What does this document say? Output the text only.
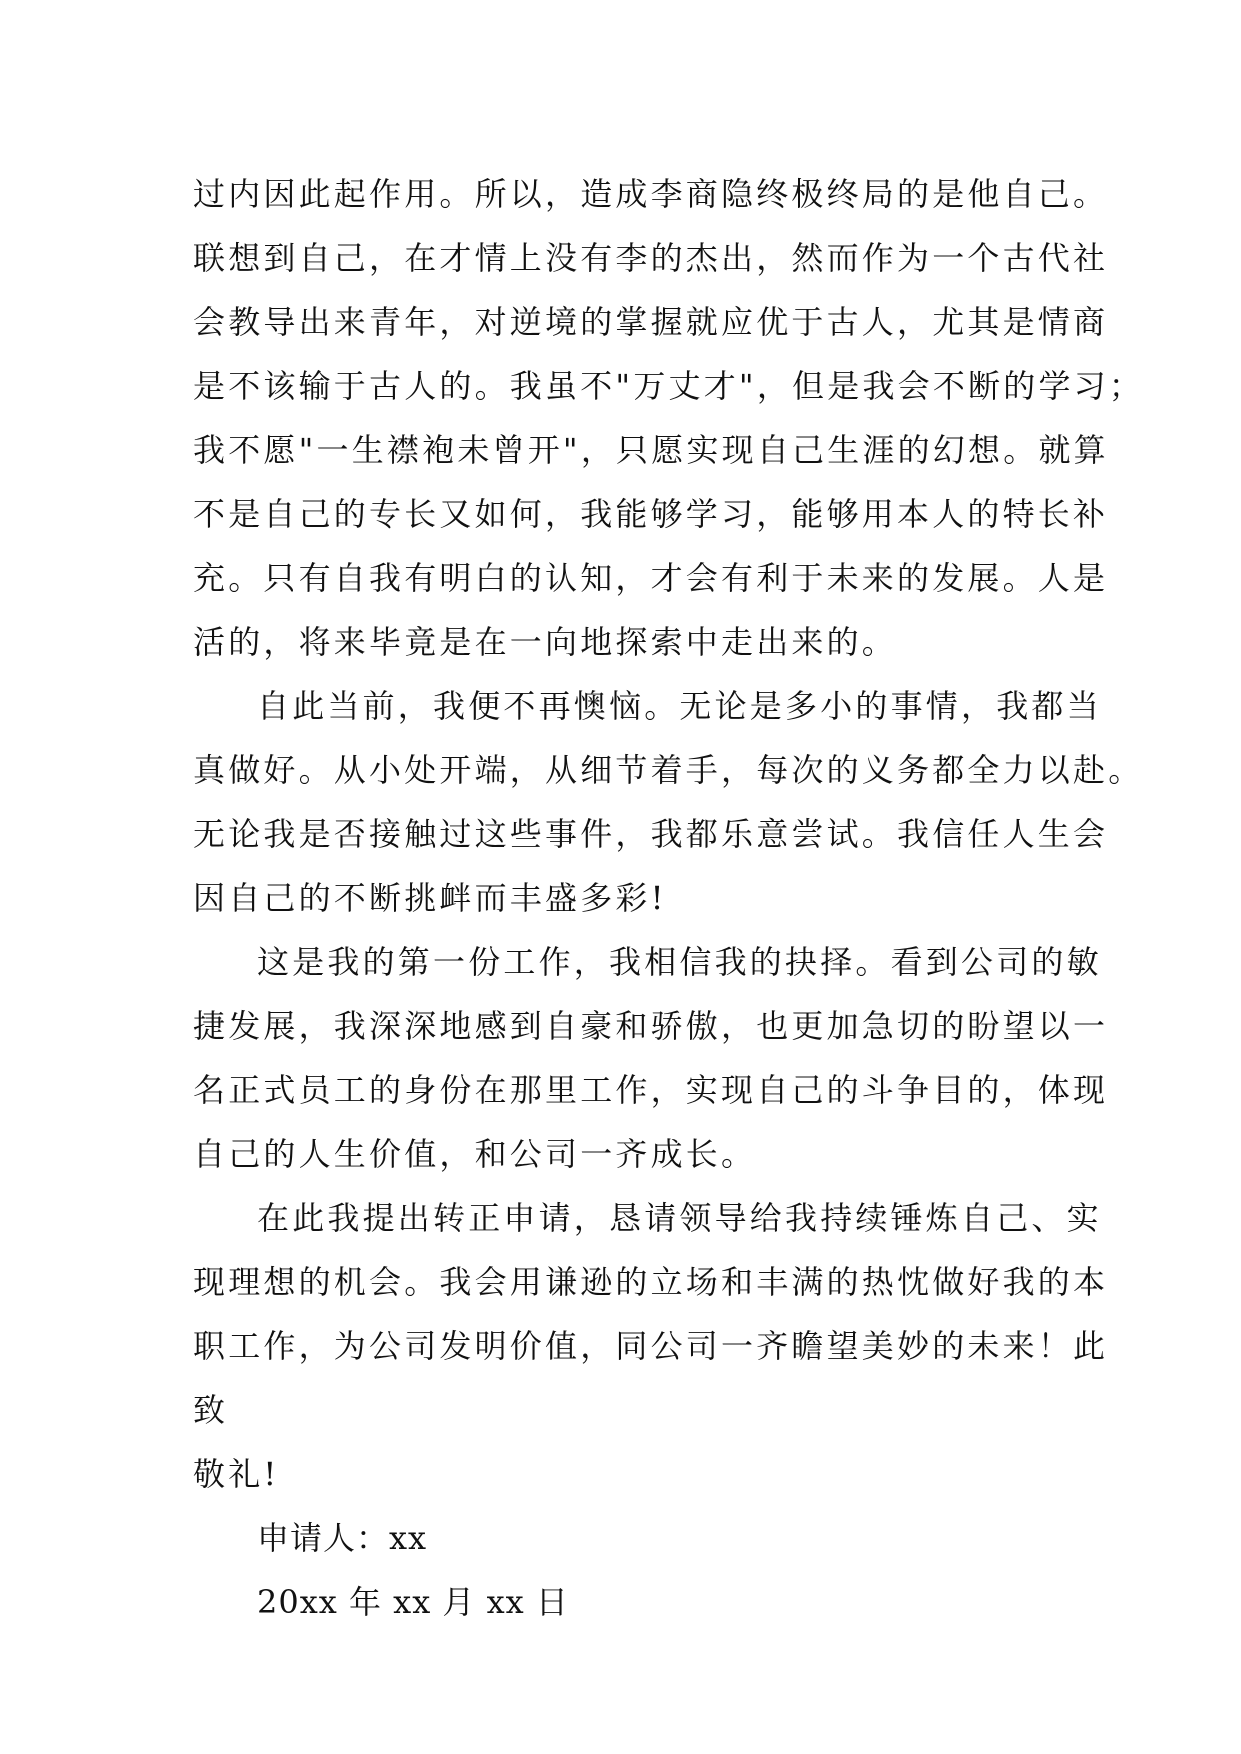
过内因此起作用。所以，造成李商隐终极终局的是他自己。
联想到自己，在才情上没有李的杰出，然而作为一个古代社
会教导出来青年，对逆境的掌握就应优于古人，尤其是情商
是不该输于古人的。我虽不"万丈才"，但是我会不断的学习；
我不愿"一生襟袍未曾开"，只愿实现自己生涯的幻想。就算
不是自己的专长又如何，我能够学习，能够用本人的特长补
充。只有自我有明白的认知，才会有利于未来的发展。人是
活的，将来毕竟是在一向地探索中走出来的。
自此当前，我便不再懊恼。无论是多小的事情，我都当
真做好。从小处开端，从细节着手，每次的义务都全力以赴。
无论我是否接触过这些事件，我都乐意尝试。我信任人生会
因自己的不断挑衅而丰盛多彩!
这是我的第一份工作，我相信我的抉择。看到公司的敏
捷发展，我深深地感到自豪和骄傲，也更加急切的盼望以一
名正式员工的身份在那里工作，实现自己的斗争目的，体现
自己的人生价值，和公司一齐成长。
在此我提出转正申请，恳请领导给我持续锤炼自己、实
现理想的机会。我会用谦逊的立场和丰满的热忱做好我的本
职工作，为公司发明价值，同公司一齐瞻望美妙的未来！此
致
敬礼!
申请人：xx
20xx 年 xx 月 xx 日
